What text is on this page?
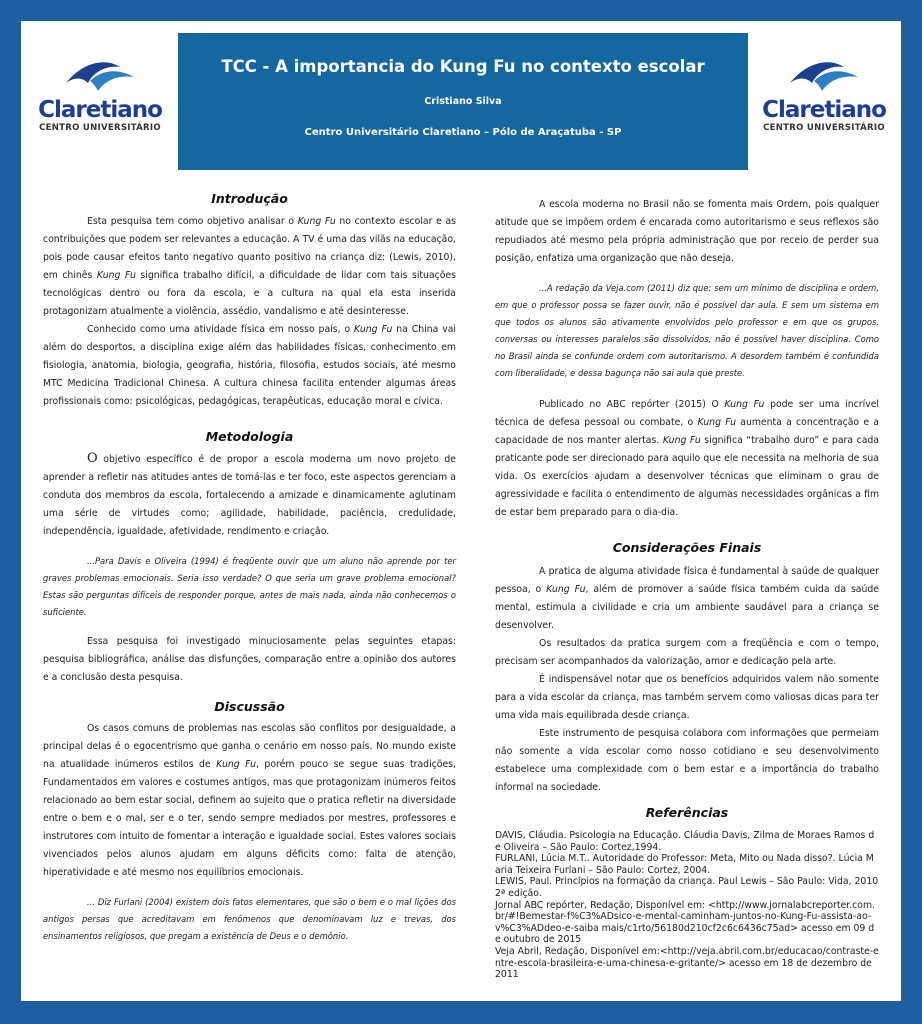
Claretiano
CENTRO UNIVERSITÁRIO
TCC - A importancia do Kung Fu no contexto escolar
Cristiano Silva
Centro Universitário Claretiano – Pólo de Araçatuba - SP
Claretiano
CENTRO UNIVERSITÁRIO
Introdução

Esta pesquisa tem como objetivo analisar o Kung Fu no contexto escolar e as contribuições que podem ser relevantes a educação. A TV é uma das vilãs na educação, pois pode causar efeitos tanto negativo quanto positivo na criança diz: (Lewis, 2010), em chinês Kung Fu significa trabalho difícil, a dificuldade de lidar com tais situações tecnológicas dentro ou fora da escola, e a cultura na qual ela esta inserida protagonizam atualmente a violência, assédio, vandalismo e até desinteresse.

Conhecido como uma atividade física em nosso país, o Kung Fu na China vai além do desportos, a disciplina exige além das habilidades físicas, conhecimento em fisiologia, anatomia, biologia, geografia, história, filosofia, estudos sociais, até mesmo MTC Medicina Tradicional Chinesa. A cultura chinesa facilita entender algumas áreas profissionais como: psicológicas, pedagógicas, terapêuticas, educação moral e cívica.

Metodologia

O objetivo específico é de propor a escola moderna um novo projeto de aprender a refletir nas atitudes antes de tomá-las e ter foco, este aspectos gerenciam a conduta dos membros da escola, fortalecendo a amizade e dinamicamente aglutinam uma série de virtudes como; agilidade, habilidade, paciência, credulidade, independência, igualdade, afetividade, rendimento e criação.

...Para Davis e Oliveira (1994) é freqüente ouvir que um aluno não aprende por ter graves problemas emocionais. Seria isso verdade? O que seria um grave problema emocional? Estas são perguntas difíceis de responder porque, antes de mais nada, ainda não conhecemos o suficiente.

Essa pesquisa foi investigado minuciosamente pelas seguintes etapas: pesquisa bibliográfica, análise das disfunções, comparação entre a opinião dos autores e a conclusão desta pesquisa.

Discussão

Os casos comuns de problemas nas escolas são conflitos por desigualdade, a principal delas é o egocentrismo que ganha o cenário em nosso país. No mundo existe na atualidade inúmeros estilos de Kung Fu, porém pouco se segue suas tradições, Fundamentados em valores e costumes antigos, mas que protagonizam inúmeros feitos relacionado ao bem estar social, definem ao sujeito que o pratica refletir na diversidade entre o bem e o mal, ser e o ter, sendo sempre mediados por mestres, professores e instrutores com intuito de fomentar a interação e igualdade social. Estes valores sociais vivenciados pelos alunos ajudam em alguns déficits como: falta de atenção, hiperatividade e até mesmo nos equilíbrios emocionais.

... Diz Furlani (2004) existem dois fatos elementares, que são o bem e o mal lições dos antigos persas que acreditavam em fenômenos que denominavam luz e trevas, dos ensinamentos religiosos, que pregam a existência de Deus e o demônio.

A escola moderna no Brasil não se fomenta mais Ordem, pois qualquer atitude que se impõem ordem é encarada como autoritarismo e seus reflexos são repudiados até mesmo pela própria administração que por receio de perder sua posição, enfatiza uma organização que não deseja.

...A redação da Veja.com (2011) diz que: sem um mínimo de disciplina e ordem, em que o professor possa se fazer ouvir, não é possível dar aula. E sem um sistema em que todos os alunos são ativamente envolvidos pelo professor e em que os grupos, conversas ou interesses paralelos são dissolvidos, não é possível haver disciplina. Como no Brasil ainda se confunde ordem com autoritarismo. A desordem também é confundida com liberalidade, e dessa bagunça não sai aula que preste.

Publicado no ABC repórter (2015) O Kung Fu pode ser uma incrível técnica de defesa pessoal ou combate, o Kung Fu aumenta a concentração e a capacidade de nos manter alertas. Kung Fu significa “trabalho duro” e para cada praticante pode ser direcionado para aquilo que ele necessita na melhoria de sua vida. Os exercícios ajudam a desenvolver técnicas que eliminam o grau de agressividade e facilita o entendimento de algumas necessidades orgânicas a fim de estar bem preparado para o dia-dia.

Considerações Finais

A pratica de alguma atividade física é fundamental à saúde de qualquer pessoa, o Kung Fu, além de promover a saúde física também cuida da saúde mental, estimula a civilidade e cria um ambiente saudável para a criança se desenvolver.

Os resultados da pratica surgem com a freqüência e com o tempo, precisam ser acompanhados da valorização, amor e dedicação pela arte.

É indispensável notar que os benefícios adquiridos valem não somente para a vida escolar da criança, mas também servem como valiosas dicas para ter uma vida mais equilibrada desde criança.

Este instrumento de pesquisa colabora com informações que permeiam não somente a vida escolar como nosso cotidiano e seu desenvolvimento estabelece uma complexidade com o bem estar e a importância do trabalho informal na sociedade.

Referências

DAVIS, Cláudia. Psicologia na Educação. Cláudia Davis, Zilma de Moraes Ramos de Oliveira – São Paulo: Cortez,1994.

FURLANI, Lúcia M.T.. Autoridade do Professor: Meta, Mito ou Nada disso?. Lúcia Maria Teixeira Furlani – São Paulo: Cortez, 2004.

LEWIS, Paul. Princípios na formação da criança. Paul Lewis – São Paulo: Vida, 2010 2ª edição.

Jornal ABC repórter, Redação, Disponível em: <http://www.jornalabcreporter.com.br/#!Bemestar-f%C3%ADsico-e-mental-caminham-juntos-no-Kung-Fu-assista-ao-v%C3%ADdeo-e-saiba mais/c1rto/56180d210cf2c6c6436c75ad> acesso em 09 de outubro de 2015

Veja Abril, Redação, Disponível em:<http://veja.abril.com.br/educacao/contraste-entre-escola-brasileira-e-uma-chinesa-e-gritante/> acesso em 18 de dezembro de 2011
